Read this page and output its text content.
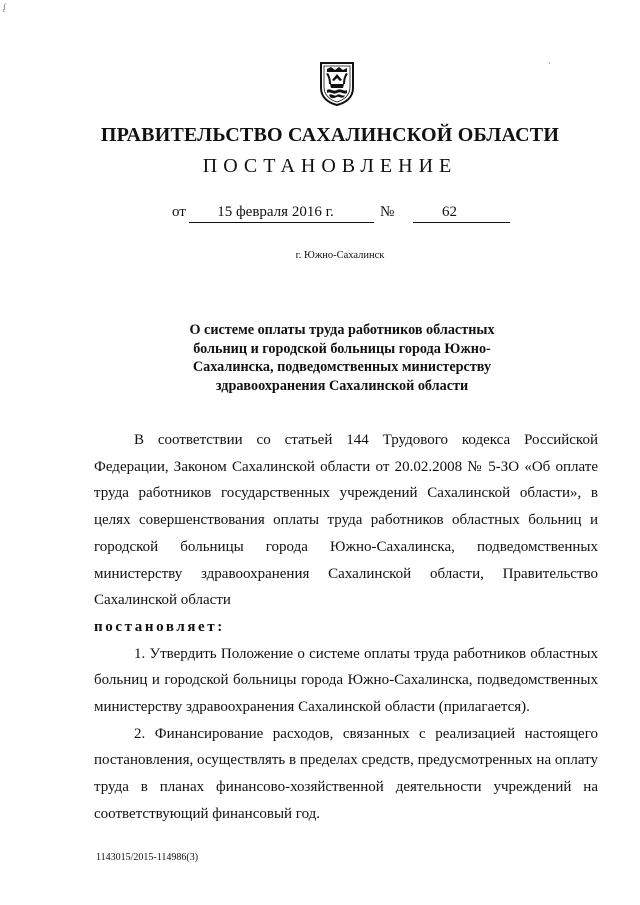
ᶘ
·
ПРАВИТЕЛЬСТВО САХАЛИНСКОЙ ОБЛАСТИ
ПОСТАНОВЛЕНИЕ
от	15 февраля 2016 г.	№	62
г. Южно-Сахалинск
О системе оплаты труда работников областных
больниц и городской больницы города Южно-
Сахалинска, подведомственных министерству
здравоохранения Сахалинской области

В соответствии со статьей 144 Трудового кодекса Российской Федерации, Законом Сахалинской области от 20.02.2008 № 5-ЗО «Об оплате труда работников государственных учреждений Сахалинской области», в целях совершенствования оплаты труда работников областных больниц и городской больницы города Южно-Сахалинска, подведомственных министерству здравоохранения Сахалинской области, Правительство Сахалинской области

постановляет:

1. Утвердить Положение о системе оплаты труда работников областных больниц и городской больницы города Южно-Сахалинска, подведомственных министерству здравоохранения Сахалинской области (прилагается).

2. Финансирование расходов, связанных с реализацией настоящего постановления, осуществлять в пределах средств, предусмотренных на оплату труда в планах финансово-хозяйственной деятельности учреждений на соответствующий финансовый год.

1143015/2015-114986(3)
